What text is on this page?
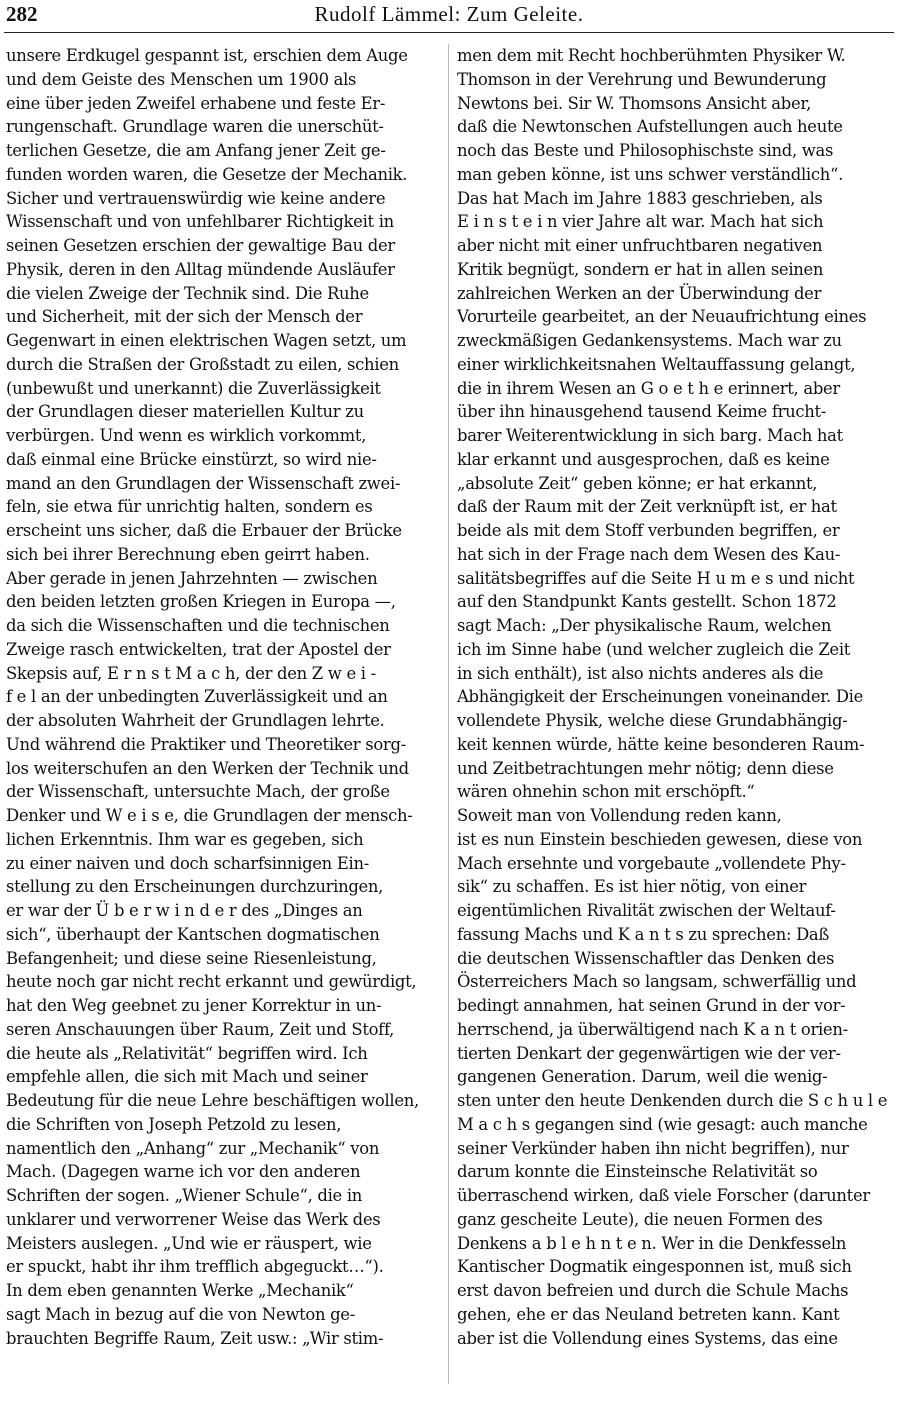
282	Rudolf Lämmel: Zum Geleite.
unsere Erdkugel gespannt ist, erschien dem Auge
und dem Geiste des Menschen um 1900 als
eine über jeden Zweifel erhabene und feste Er-
rungenschaft. Grundlage waren die unerschüt-
terlichen Gesetze, die am Anfang jener Zeit ge-
funden worden waren, die Gesetze der Mechanik.
Sicher und vertrauenswürdig wie keine andere
Wissenschaft und von unfehlbarer Richtigkeit in
seinen Gesetzen erschien der gewaltige Bau der
Physik, deren in den Alltag mündende Ausläufer
die vielen Zweige der Technik sind. Die Ruhe
und Sicherheit, mit der sich der Mensch der
Gegenwart in einen elektrischen Wagen setzt, um
durch die Straßen der Großstadt zu eilen, schien
(unbewußt und unerkannt) die Zuverlässigkeit
der Grundlagen dieser materiellen Kultur zu
verbürgen. Und wenn es wirklich vorkommt,
daß einmal eine Brücke einstürzt, so wird nie-
mand an den Grundlagen der Wissenschaft zwei-
feln, sie etwa für unrichtig halten, sondern es
erscheint uns sicher, daß die Erbauer der Brücke
sich bei ihrer Berechnung eben geirrt haben.
Aber gerade in jenen Jahrzehnten — zwischen
den beiden letzten großen Kriegen in Europa —,
da sich die Wissenschaften und die technischen
Zweige rasch entwickelten, trat der Apostel der
Skepsis auf, E r n s t M a c h, der den Z w e i -
f e l an der unbedingten Zuverlässigkeit und an
der absoluten Wahrheit der Grundlagen lehrte.
Und während die Praktiker und Theoretiker sorg-
los weiterschufen an den Werken der Technik und
der Wissenschaft, untersuchte Mach, der große
Denker und W e i s e, die Grundlagen der mensch-
lichen Erkenntnis. Ihm war es gegeben, sich
zu einer naiven und doch scharfsinnigen Ein-
stellung zu den Erscheinungen durchzuringen,
er war der Ü b e r w i n d e r des „Dinges an
sich“, überhaupt der Kantschen dogmatischen
Befangenheit; und diese seine Riesenleistung,
heute noch gar nicht recht erkannt und gewürdigt,
hat den Weg geebnet zu jener Korrektur in un-
seren Anschauungen über Raum, Zeit und Stoff,
die heute als „Relativität“ begriffen wird. Ich
empfehle allen, die sich mit Mach und seiner
Bedeutung für die neue Lehre beschäftigen wollen,
die Schriften von Joseph Petzold zu lesen,
namentlich den „Anhang“ zur „Mechanik“ von
Mach. (Dagegen warne ich vor den anderen
Schriften der sogen. „Wiener Schule“, die in
unklarer und verworrener Weise das Werk des
Meisters auslegen. „Und wie er räuspert, wie
er spuckt, habt ihr ihm trefflich abgeguckt…“).
In dem eben genannten Werke „Mechanik“
sagt Mach in bezug auf die von Newton ge-
brauchten Begriffe Raum, Zeit usw.: „Wir stim-
men dem mit Recht hochberühmten Physiker W.
Thomson in der Verehrung und Bewunderung
Newtons bei. Sir W. Thomsons Ansicht aber,
daß die Newtonschen Aufstellungen auch heute
noch das Beste und Philosophischste sind, was
man geben könne, ist uns schwer verständlich“.
Das hat Mach im Jahre 1883 geschrieben, als
E i n s t e i n vier Jahre alt war. Mach hat sich
aber nicht mit einer unfruchtbaren negativen
Kritik begnügt, sondern er hat in allen seinen
zahlreichen Werken an der Überwindung der
Vorurteile gearbeitet, an der Neuaufrichtung eines
zweckmäßigen Gedankensystems. Mach war zu
einer wirklichkeitsnahen Weltauffassung gelangt,
die in ihrem Wesen an G o e t h e erinnert, aber
über ihn hinausgehend tausend Keime frucht-
barer Weiterentwicklung in sich barg. Mach hat
klar erkannt und ausgesprochen, daß es keine
„absolute Zeit“ geben könne; er hat erkannt,
daß der Raum mit der Zeit verknüpft ist, er hat
beide als mit dem Stoff verbunden begriffen, er
hat sich in der Frage nach dem Wesen des Kau-
salitätsbegriffes auf die Seite H u m e s und nicht
auf den Standpunkt Kants gestellt. Schon 1872
sagt Mach: „Der physikalische Raum, welchen
ich im Sinne habe (und welcher zugleich die Zeit
in sich enthält), ist also nichts anderes als die
Abhängigkeit der Erscheinungen voneinander. Die
vollendete Physik, welche diese Grundabhängig-
keit kennen würde, hätte keine besonderen Raum-
und Zeitbetrachtungen mehr nötig; denn diese
wären ohnehin schon mit erschöpft.“
Soweit man von Vollendung reden kann,
ist es nun Einstein beschieden gewesen, diese von
Mach ersehnte und vorgebaute „vollendete Phy-
sik“ zu schaffen. Es ist hier nötig, von einer
eigentümlichen Rivalität zwischen der Weltauf-
fassung Machs und K a n t s zu sprechen: Daß
die deutschen Wissenschaftler das Denken des
Österreichers Mach so langsam, schwerfällig und
bedingt annahmen, hat seinen Grund in der vor-
herrschend, ja überwältigend nach K a n t orien-
tierten Denkart der gegenwärtigen wie der ver-
gangenen Generation. Darum, weil die wenig-
sten unter den heute Denkenden durch die S c h u l e
M a c h s gegangen sind (wie gesagt: auch manche
seiner Verkünder haben ihn nicht begriffen), nur
darum konnte die Einsteinsche Relativität so
überraschend wirken, daß viele Forscher (darunter
ganz gescheite Leute), die neuen Formen des
Denkens a b l e h n t e n. Wer in die Denkfesseln
Kantischer Dogmatik eingesponnen ist, muß sich
erst davon befreien und durch die Schule Machs
gehen, ehe er das Neuland betreten kann. Kant
aber ist die Vollendung eines Systems, das eine
